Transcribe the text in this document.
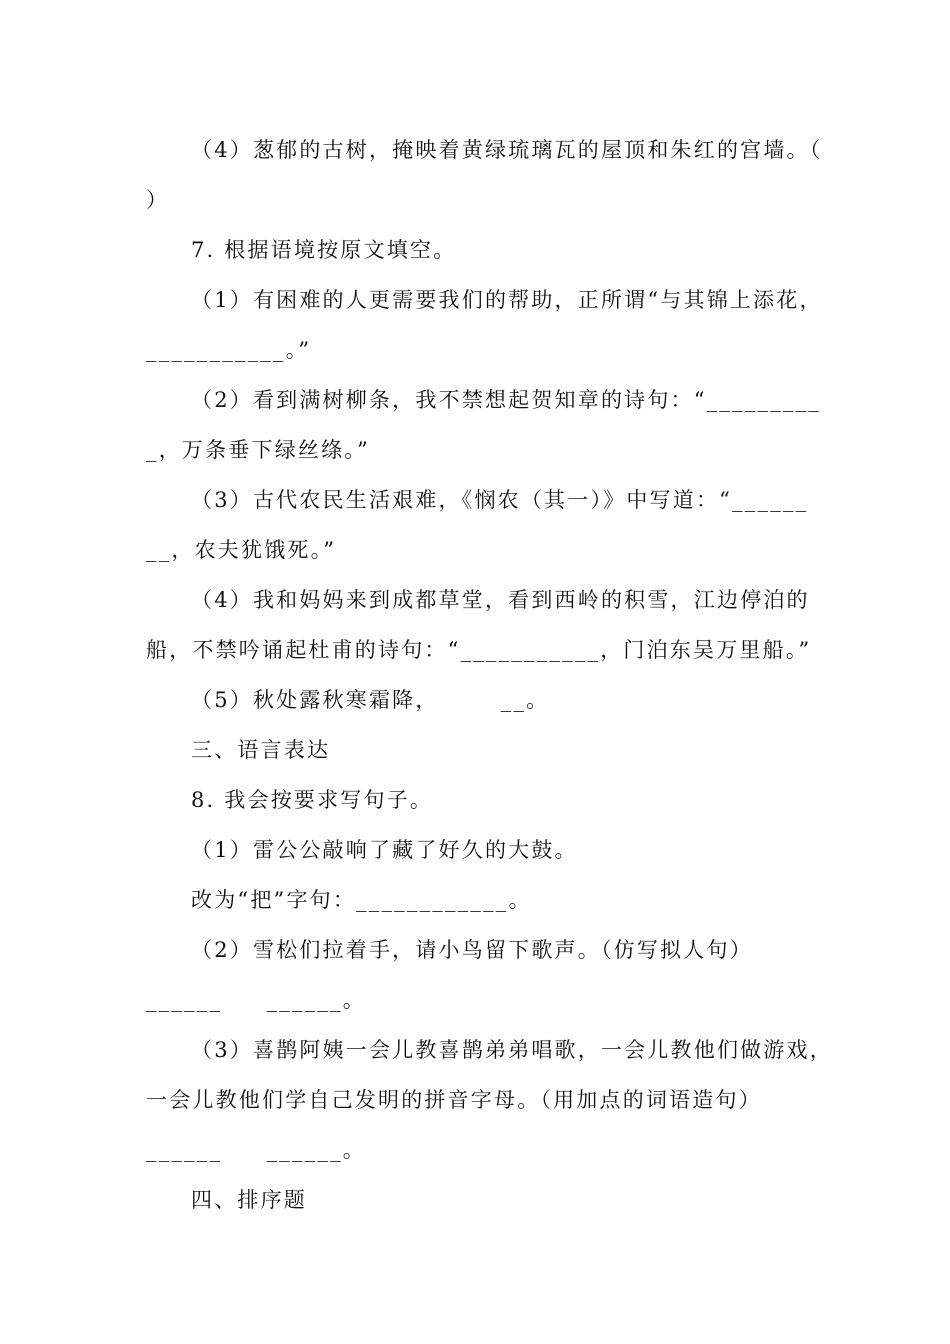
（4）葱郁的古树，掩映着黄绿琉璃瓦的屋顶和朱红的宫墙。（
）
7. 根据语境按原文填空。
（1）有困难的人更需要我们的帮助，正所谓“与其锦上添花，
___________。”
（2）看到满树柳条，我不禁想起贺知章的诗句：“_________
_，万条垂下绿丝绦。”
（3）古代农民生活艰难，《悯农（其一）》中写道：“______
__，农夫犹饿死。”
（4）我和妈妈来到成都草堂，看到西岭的积雪，江边停泊的
船，不禁吟诵起杜甫的诗句：“___________，门泊东吴万里船。”
（5）秋处露秋寒霜降，       __。
三、语言表达
8. 我会按要求写句子。
（1）雷公公敲响了藏了好久的大鼓。
改为“把”字句：____________。
（2）雪松们拉着手，请小鸟留下歌声。（仿写拟人句）
______     ______。
（3）喜鹊阿姨一会儿教喜鹊弟弟唱歌，一会儿教他们做游戏，
一会儿教他们学自己发明的拼音字母。（用加点的词语造句）
______     ______。
四、排序题
